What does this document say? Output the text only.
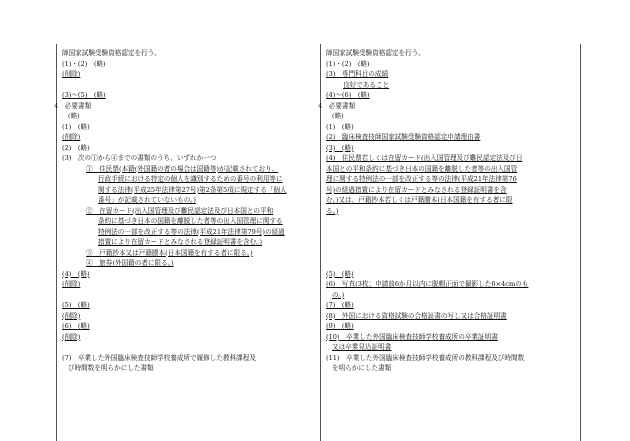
師国家試験受験資格認定を行う。
(1)・(2)　(略)
(削除)
(3)～(5)　(略)
4　必要書類
(略)
(1)　(略)
(削除)
(2)　(略)
(3)　次の①から④までの書類のうち、いずれか一つ
①　住民票(本籍(外国籍の者の場合は国籍等)が記載されており、
行政手続における特定の個人を識別するための番号の利用等に
関する法律(平成25年法律第27号)第2条第5項に規定する「個人
番号」が記載されていないもの。)
②　在留カード(出入国管理及び難民認定法及び日本国との平和
条約に基づき日本の国籍を離脱した者等の出入国管理に関する
特例法の一部を改正する等の法律(平成21年法律第79号)の経過
措置により在留カードとみなされる登録証明書を含む。)
③　戸籍抄本又は戸籍謄本(日本国籍を有する者に限る。)
④　旅券(外国籍の者に限る。)
(4)　(略)
(削除)
(5)　(略)
(削除)
(6)　(略)
(削除)
(7)　卒業した外国臨床検査技師学校養成所で履修した教科課程及
び時間数を明らかにした書類
師国家試験受験資格認定を行う。
(1)・(2)　(略)
(3)　専門科目の成績
良好であること
(4)～(6)　(略)
4　必要書類
(略)
(1)　(略)
(2)　臨床検査技師国家試験受験資格認定申請理由書
(3)　(略)
(4)　住民票若しくは在留カード(出入国管理及び難民認定法及び日
本国との平和条約に基づき日本の国籍を離脱した者等の出入国管
理に関する特例法の一部を改正する等の法律(平成21年法律第76
号)の経過措置により在留カードとみなされる登録証明書を含
む。)又は、戸籍抄本若しくは戸籍謄本(日本国籍を有する者に限
る。)
(5)　(略)
(6)　写真(3枚；申請前6か月以内に脱帽正面で撮影した6×4cmのも
の。)
(7)　(略)
(8)　外国における資格試験の合格証書の写し又は合格証明書
(9)　(略)
(10)　卒業した外国臨床検査技師学校養成所の卒業証明書
又は卒業見込証明書
(11)　卒業した外国臨床検査技師学校養成所の教科課程及び時間数
を明らかにした書類
